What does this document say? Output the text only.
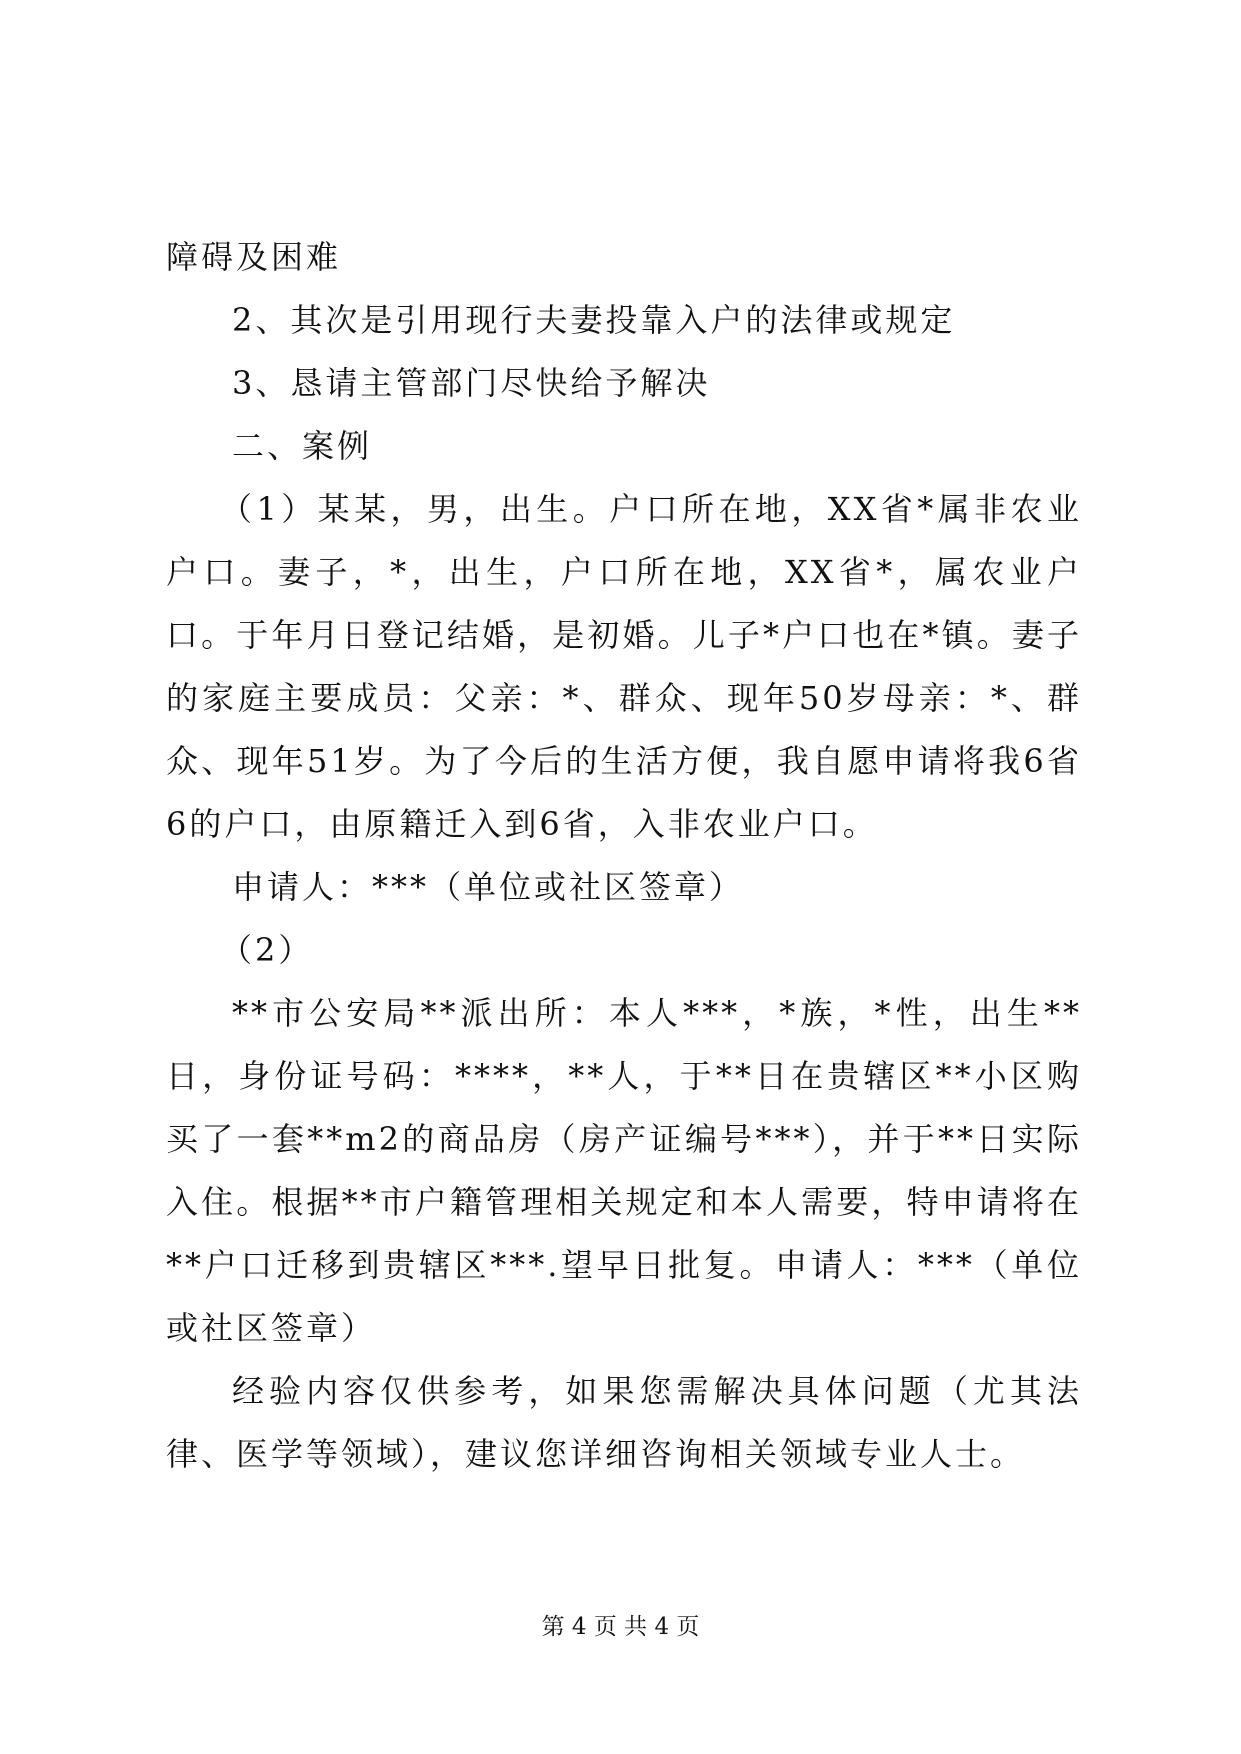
障碍及困难

2、其次是引用现行夫妻投靠入户的法律或规定

3、恳请主管部门尽快给予解决

二、案例

（1）某某，男，出生。户口所在地，XX省*属非农业户口。妻子，*，出生，户口所在地，XX省*，属农业户口。于年月日登记结婚，是初婚。儿子*户口也在*镇。妻子的家庭主要成员：父亲：*、群众、现年50岁母亲：*、群众、现年51岁。为了今后的生活方便，我自愿申请将我6省6的户口，由原籍迁入到6省，入非农业户口。

申请人：***（单位或社区签章）

（2）

**市公安局**派出所：本人***，*族，*性，出生**日，身份证号码：****，**人，于**日在贵辖区**小区购买了一套**m2的商品房（房产证编号***），并于**日实际入住。根据**市户籍管理相关规定和本人需要，特申请将在**户口迁移到贵辖区***.望早日批复。申请人：***（单位或社区签章）

经验内容仅供参考，如果您需解决具体问题（尤其法律、医学等领域），建议您详细咨询相关领域专业人士。

第 4 页 共 4 页
